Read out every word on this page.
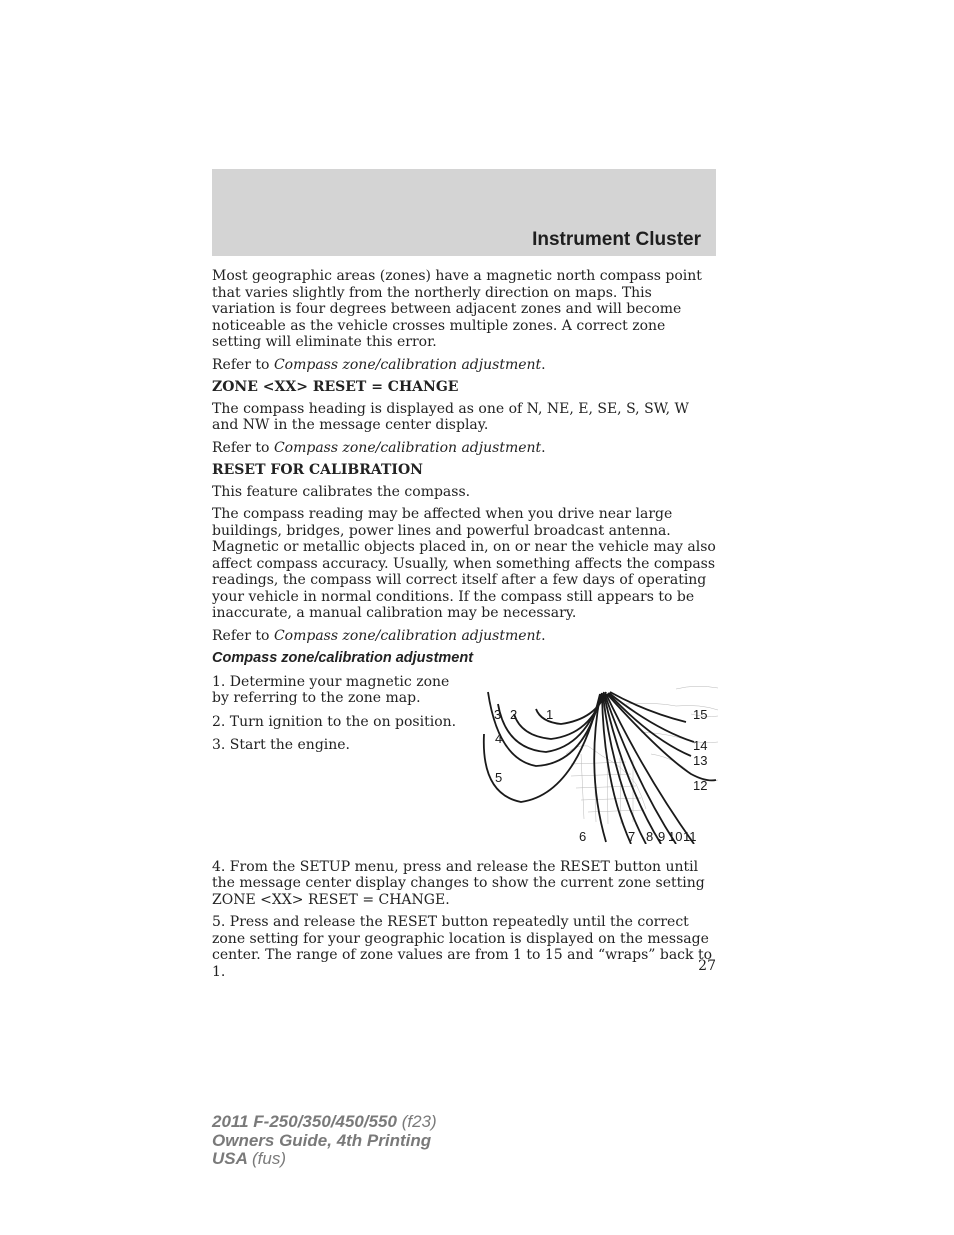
Instrument Cluster

Most geographic areas (zones) have a magnetic north compass point that varies slightly from the northerly direction on maps. This variation is four degrees between adjacent zones and will become noticeable as the vehicle crosses multiple zones. A correct zone setting will eliminate this error.

Refer to Compass zone/calibration adjustment.

ZONE <XX> RESET = CHANGE

The compass heading is displayed as one of N, NE, E, SE, S, SW, W and NW in the message center display.

Refer to Compass zone/calibration adjustment.

RESET FOR CALIBRATION

This feature calibrates the compass.

The compass reading may be affected when you drive near large buildings, bridges, power lines and powerful broadcast antenna. Magnetic or metallic objects placed in, on or near the vehicle may also affect compass accuracy. Usually, when something affects the compass readings, the compass will correct itself after a few days of operating your vehicle in normal conditions. If the compass still appears to be inaccurate, a manual calibration may be necessary.

Refer to Compass zone/calibration adjustment.

Compass zone/calibration adjustment

1. Determine your magnetic zone by referring to the zone map.

2. Turn ignition to the on position.

3. Start the engine.

4. From the SETUP menu, press and release the RESET button until the message center display changes to show the current zone setting ZONE <XX> RESET = CHANGE.

5. Press and release the RESET button repeatedly until the correct zone setting for your geographic location is displayed on the message center. The range of zone values are from 1 to 15 and “wraps” back to 1.

3 2 1
4
5
6	7 8 9 10 11
12
13
14
15
27
2011 F-250/350/450/550 (f23)
Owners Guide, 4th Printing
USA (fus)
